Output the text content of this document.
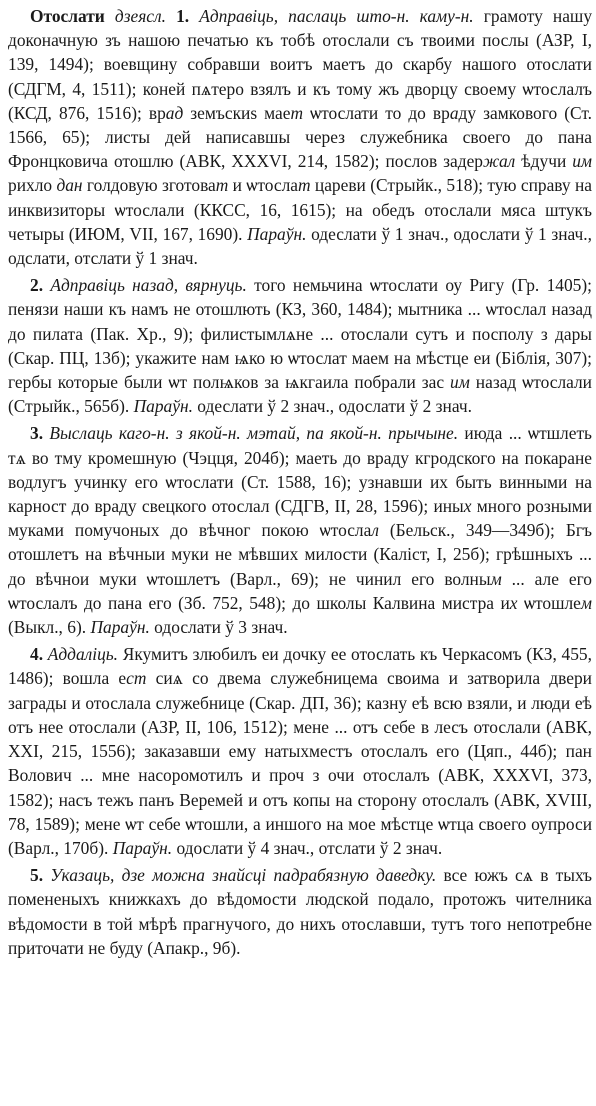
Отослати дзеясл. 1. Адправіць, паслаць што-н. каму-н. грамоту нашу доконачную зъ нашою печатью къ тобѣ отослали съ твоими послы (АЗР, I, 139, 1494); воевщину собравши воитъ маетъ до скарбу нашого отослати (СДГМ, 4, 1511); коней пѧтеро взялъ и къ тому жъ дворцу своему ѡтослалъ (КСД, 876, 1516); врад земъскиs мает ѡтослати то до враду замкового (Ст. 1566, 65); листы дей написавшы через служебника своего до пана Фронцковича отошлю (АВК, XXXVI, 214, 1582); послов задержал ѣдучи им рихло дан голдовую зготоват и ѡтослат цареви (Стрыйк., 518); тую справу на инквизиторы ѡтослали (ККСС, 16, 1615); на обедъ отослали мяса штукъ четыры (ИЮМ, VII, 167, 1690). Параўн. одеслати ў 1 знач., одослати ў 1 знач., одслати, отслати ў 1 знач.

2. Адправіць назад, вярнуць. того немьчина ѡтослати оу Ригу (Гр. 1405); пенязи наши къ намъ не отошлють (КЗ, 360, 1484); мытника ... ѡтослал назад до пилата (Пак. Хр., 9); филистымлѧне ... отослали сутъ и посполу з дары (Скар. ПЦ, 13б); укажите нам ѩко ю ѡтослат маем на мѣстце еи (Біблія, 307); гербы которые были ѡт полѩков за ѩкгаила побрали зас им назад ѡтослали (Стрыйк., 565б). Параўн. одеслати ў 2 знач., одослати ў 2 знач.

3. Выслаць каго-н. з якой-н. мэтай, па якой-н. прычыне. июда ... ѡтшлеть тѧ во тму кромешную (Чэцця, 204б); маеть до враду кгродского на покаране водлугъ учинку его ѡтослати (Ст. 1588, 16); узнавши их быть винными на карност до враду свецкого отослал (СДГВ, II, 28, 1596); иных много розными муками помучоных до вѣчног покою ѡтослал (Бельск., 349—349б); Бгъ отошлетъ на вѣчныи муки не мѣвших милости (Каліст, I, 25б); грѣшныхъ ... до вѣчнои муки ѡтошлетъ (Варл., 69); не чинил его волным ... але его ѡтослалъ до пана его (Зб. 752, 548); до школы Калвина мистра их ѡтошлем (Выкл., 6). Параўн. одослати ў 3 знач.

4. Аддаліць. Якумитъ злюбилъ еи дочку ее отослать къ Черкасомъ (КЗ, 455, 1486); вошла ест сиѧ со двема служебницема своима и затворила двери заграды и отослала служебнице (Скар. ДП, 36); казну еѣ всю взяли, и люди еѣ отъ нее отослали (АЗР, II, 106, 1512); мене ... отъ себе в лесъ отослали (АВК, XXI, 215, 1556); заказавши ему натыхместъ отослалъ его (Цяп., 44б); пан Волович ... мне насоромотилъ и проч з очи отослалъ (АВК, XXXVI, 373, 1582); насъ тежъ панъ Веремей и отъ копы на сторону отослалъ (АВК, XVIII, 78, 1589); мене ѡт себе ѡтошли, а иншого на мое мѣстце ѡтца своего оупроси (Варл., 170б). Параўн. одослати ў 4 знач., отслати ў 2 знач.

5. Указаць, дзе можна знайсці падрабязную даведку. все южъ сѧ в тыхъ помененыхъ книжкахъ до вѣдомости людской подало, протожъ чителника вѣдомости в той мѣрѣ прагнучого, до нихъ отославши, тутъ того непотребне приточати не буду (Апакр., 9б).
